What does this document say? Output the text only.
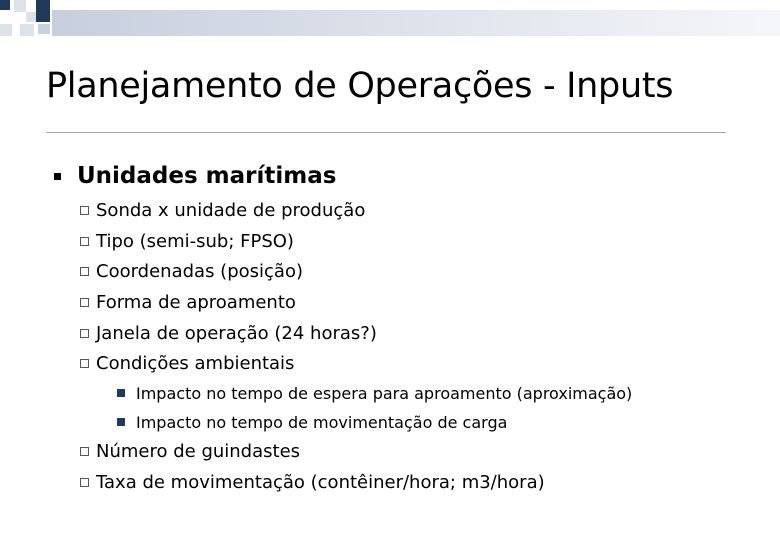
Planejamento de Operações - Inputs
Unidades marítimas
Sonda x unidade de produção
Tipo (semi-sub; FPSO)
Coordenadas (posição)
Forma de aproamento
Janela de operação (24 horas?)
Condições ambientais
Impacto no tempo de espera para aproamento (aproximação)
Impacto no tempo de movimentação de carga
Número de guindastes
Taxa de movimentação (contêiner/hora; m3/hora)
